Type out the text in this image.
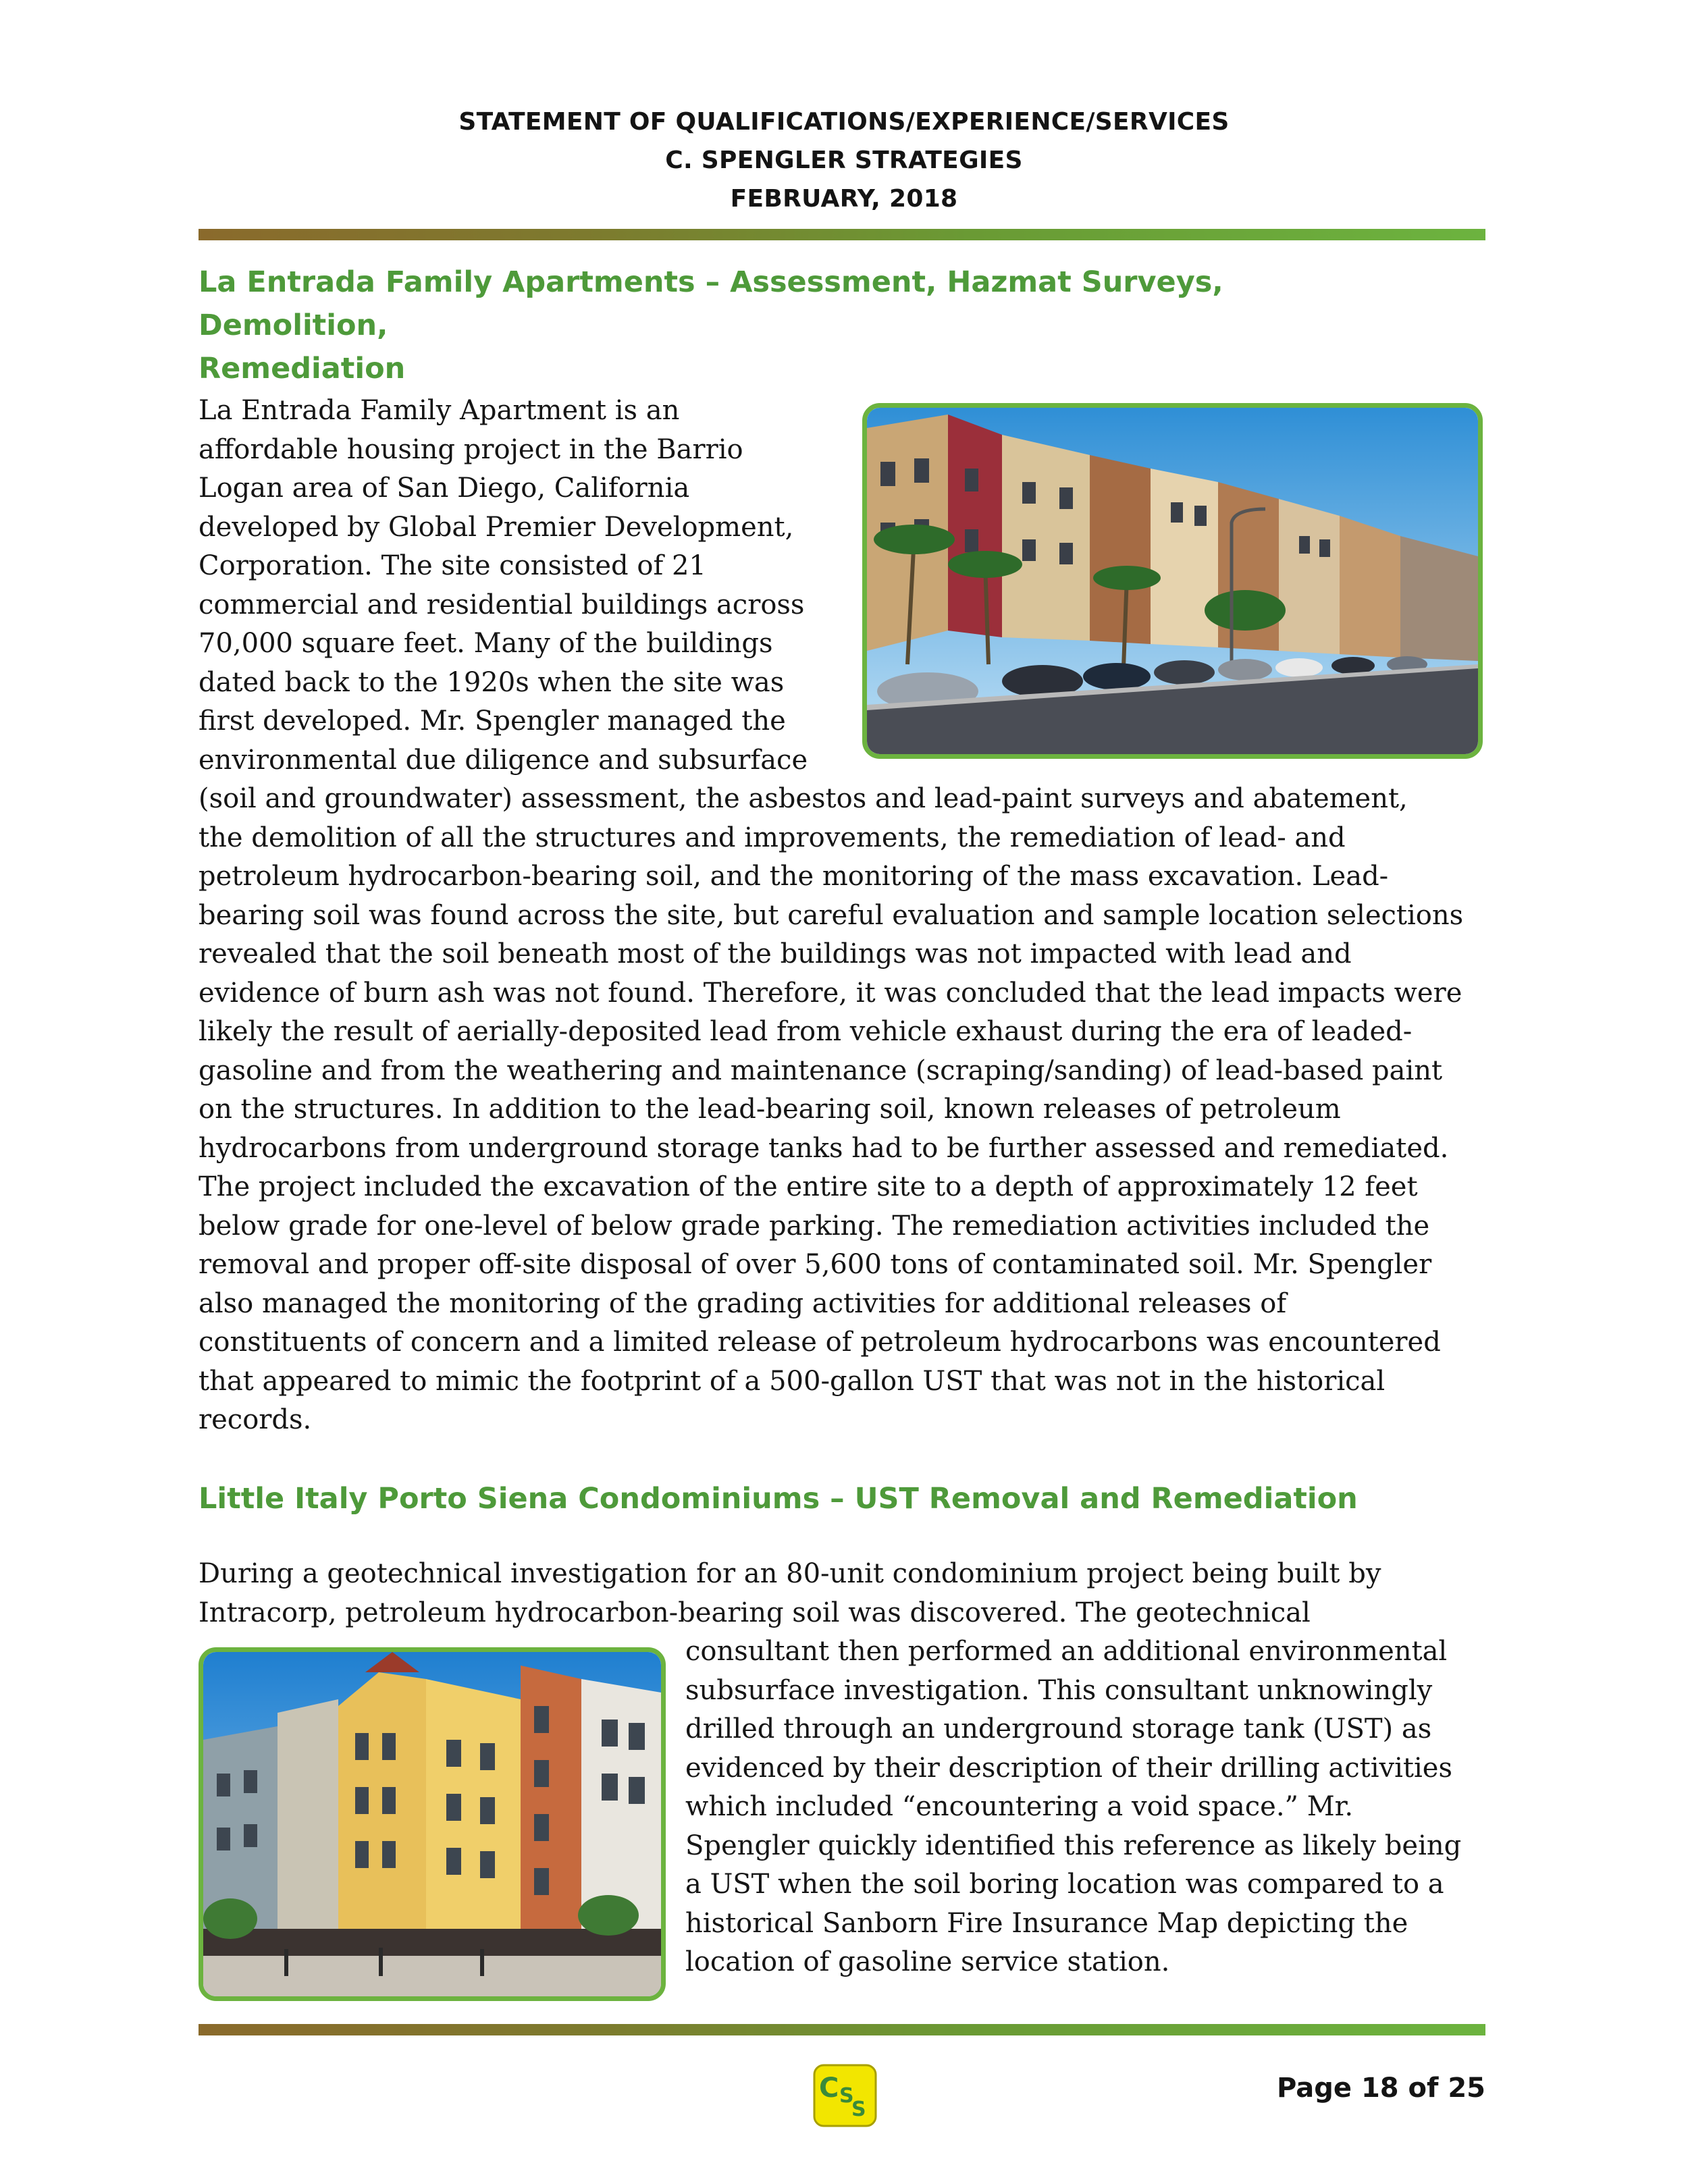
STATEMENT OF QUALIFICATIONS/EXPERIENCE/SERVICES
C. SPENGLER STRATEGIES
FEBRUARY, 2018
La Entrada Family Apartments – Assessment, Hazmat Surveys, Demolition,
Remediation
La Entrada Family Apartment is an
affordable housing project in the Barrio
Logan area of San Diego, California
developed by Global Premier Development,
Corporation. The site consisted of 21
commercial and residential buildings across
70,000 square feet. Many of the buildings
dated back to the 1920s when the site was
first developed. Mr. Spengler managed the
environmental due diligence and subsurface
(soil and groundwater) assessment, the asbestos and lead-paint surveys and abatement,
the demolition of all the structures and improvements, the remediation of lead- and
petroleum hydrocarbon-bearing soil, and the monitoring of the mass excavation. Lead-
bearing soil was found across the site, but careful evaluation and sample location selections
revealed that the soil beneath most of the buildings was not impacted with lead and
evidence of burn ash was not found. Therefore, it was concluded that the lead impacts were
likely the result of aerially-deposited lead from vehicle exhaust during the era of leaded-
gasoline and from the weathering and maintenance (scraping/sanding) of lead-based paint
on the structures. In addition to the lead-bearing soil, known releases of petroleum
hydrocarbons from underground storage tanks had to be further assessed and remediated.
The project included the excavation of the entire site to a depth of approximately 12 feet
below grade for one-level of below grade parking. The remediation activities included the
removal and proper off-site disposal of over 5,600 tons of contaminated soil. Mr. Spengler
also managed the monitoring of the grading activities for additional releases of
constituents of concern and a limited release of petroleum hydrocarbons was encountered
that appeared to mimic the footprint of a 500-gallon UST that was not in the historical
records.
Little Italy Porto Siena Condominiums – UST Removal and Remediation
During a geotechnical investigation for an 80-unit condominium project being built by
Intracorp, petroleum hydrocarbon-bearing soil was discovered. The geotechnical
consultant then performed an additional environmental
subsurface investigation. This consultant unknowingly
drilled through an underground storage tank (UST) as
evidenced by their description of their drilling activities
which included “encountering a void space.” Mr.
Spengler quickly identified this reference as likely being
a UST when the soil boring location was compared to a
historical Sanborn Fire Insurance Map depicting the
location of gasoline service station.
C S
S
Page 18 of 25
